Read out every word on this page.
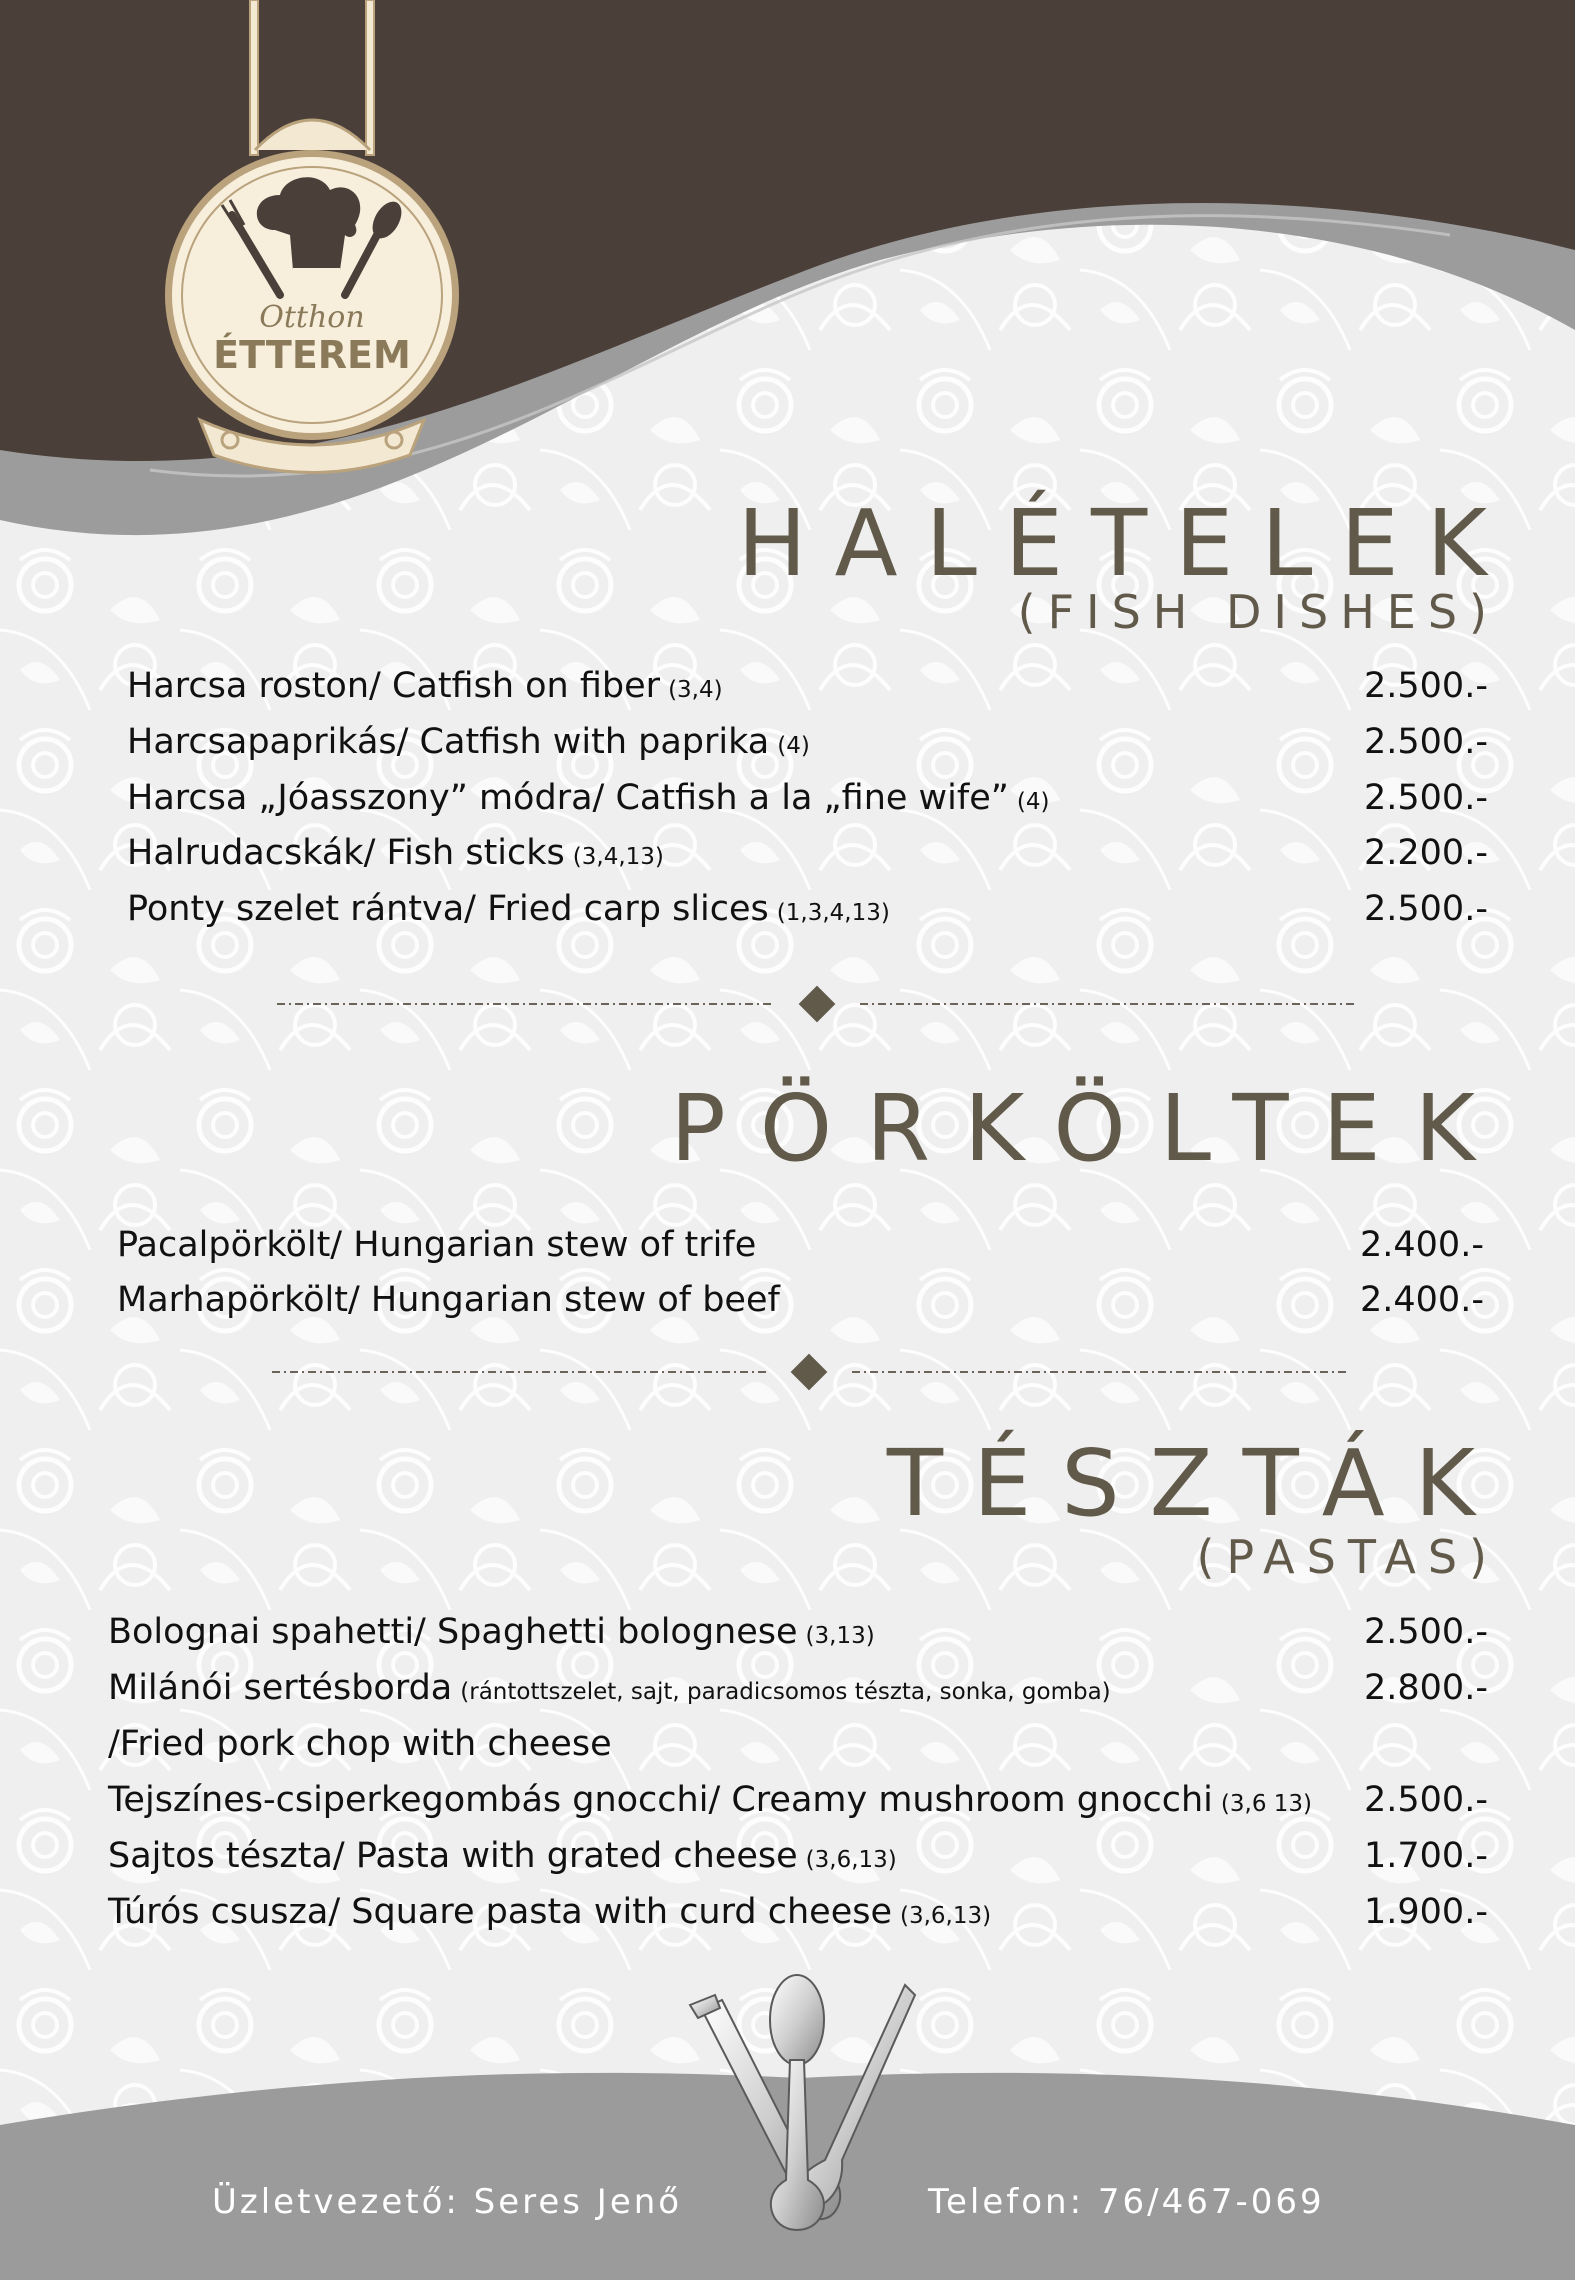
Otthon
ÉTTEREM
HALÉTELEK
(FISH DISHES)
Harcsa roston/ Catfish on fiber (3,4)	2.500.-
Harcsapaprikás/ Catfish with paprika (4)	2.500.-
Harcsa „Jóasszony” módra/ Catfish a la „fine wife” (4)	2.500.-
Halrudacskák/ Fish sticks (3,4,13)	2.200.-
Ponty szelet rántva/ Fried carp slices (1,3,4,13)	2.500.-
PÖRKÖLTEK
Pacalpörkölt/ Hungarian stew of trife	2.400.-
Marhapörkölt/ Hungarian stew of beef	2.400.-
TÉSZTÁK
(PASTAS)
Bolognai spahetti/ Spaghetti bolognese (3,13)	2.500.-
Milánói sertésborda (rántottszelet, sajt, paradicsomos tészta, sonka, gomba)	2.800.-
/Fried pork chop with cheese
Tejszínes-csiperkegombás gnocchi/ Creamy mushroom gnocchi (3,6 13) 2.500.-
Sajtos tészta/ Pasta with grated cheese (3,6,13)	1.700.-
Túrós csusza/ Square pasta with curd cheese (3,6,13)	1.900.-
Üzletvezető: Seres Jenő	Telefon: 76/467-069
